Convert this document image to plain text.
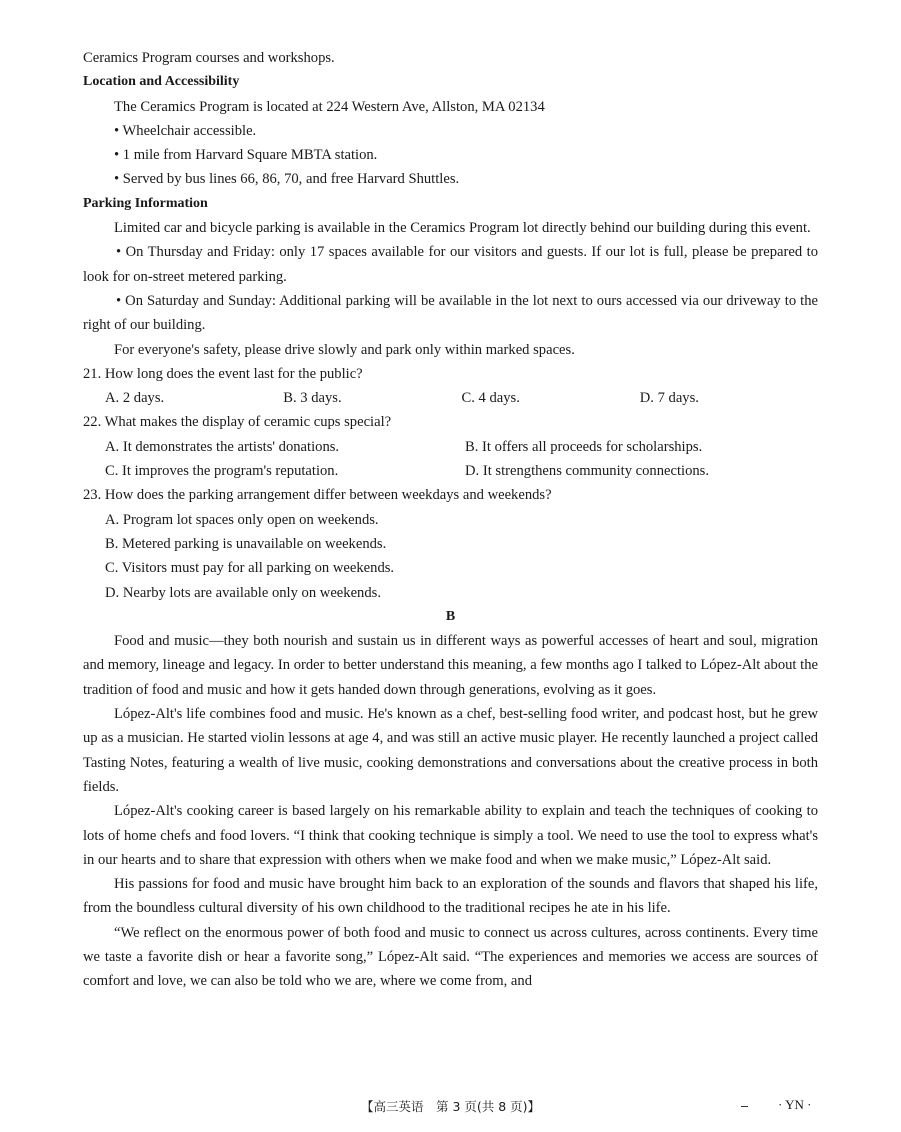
Ceramics Program courses and workshops.

Location and Accessibility

The Ceramics Program is located at 224 Western Ave, Allston, MA 02134

• Wheelchair accessible.

• 1 mile from Harvard Square MBTA station.

• Served by bus lines 66, 86, 70, and free Harvard Shuttles.

Parking Information

Limited car and bicycle parking is available in the Ceramics Program lot directly behind our building during this event.

• On Thursday and Friday: only 17 spaces available for our visitors and guests. If our lot is full, please be prepared to look for on-street metered parking.

• On Saturday and Sunday: Additional parking will be available in the lot next to ours accessed via our driveway to the right of our building.

For everyone's safety, please drive slowly and park only within marked spaces.

21. How long does the event last for the public?

A. 2 days.	B. 3 days.	C. 4 days.	D. 7 days.

22. What makes the display of ceramic cups special?

A. It demonstrates the artists' donations.	B. It offers all proceeds for scholarships.
C. It improves the program's reputation.	D. It strengthens community connections.

23. How does the parking arrangement differ between weekdays and weekends?

A. Program lot spaces only open on weekends.

B. Metered parking is unavailable on weekends.

C. Visitors must pay for all parking on weekends.

D. Nearby lots are available only on weekends.

B

Food and music—they both nourish and sustain us in different ways as powerful accesses of heart and soul, migration and memory, lineage and legacy. In order to better understand this meaning, a few months ago I talked to López-Alt about the tradition of food and music and how it gets handed down through generations, evolving as it goes.

López-Alt's life combines food and music. He's known as a chef, best-selling food writer, and podcast host, but he grew up as a musician. He started violin lessons at age 4, and was still an active music player. He recently launched a project called Tasting Notes, featuring a wealth of live music, cooking demonstrations and conversations about the creative process in both fields.

López-Alt's cooking career is based largely on his remarkable ability to explain and teach the techniques of cooking to lots of home chefs and food lovers. “I think that cooking technique is simply a tool. We need to use the tool to express what's in our hearts and to share that expression with others when we make food and when we make music,” López-Alt said.

His passions for food and music have brought him back to an exploration of the sounds and flavors that shaped his life, from the boundless cultural diversity of his own childhood to the traditional recipes he ate in his life.

“We reflect on the enormous power of both food and music to connect us across cultures, across continents. Every time we taste a favorite dish or hear a favorite song,” López-Alt said. “The experiences and memories we access are sources of comfort and love, we can also be told who we are, where we come from, and

【高三英语　第 3 页(共 8 页)】	· YN ·
